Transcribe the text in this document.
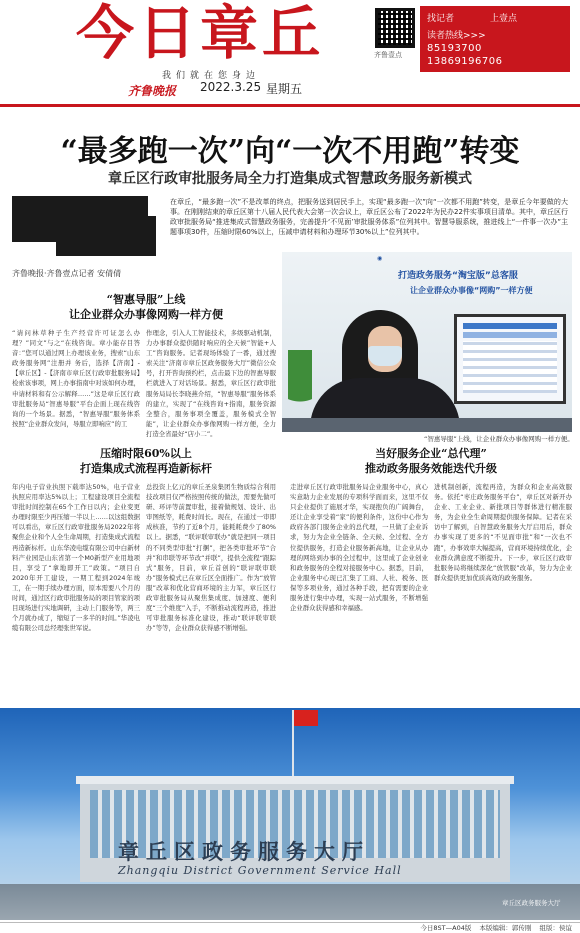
今日章丘
我们就在您身边
齐鲁晚报 2022.3.25 星期五
齐鲁壹点
找记者	上壹点
读者热线>>>
85193700
13869196706
“最多跑一次”向“一次不用跑”转变
章丘区行政审批服务局全力打造集成式智慧政务服务新模式
在章丘，“最多跑一次”不是改革的终点，把服务送到居民手上，实现“最多跑一次”向“一次都不用跑”转变，是章丘今年要做的大事。在刚刚结束的章丘区第十八届人民代表大会第一次会议上，章丘区公布了2022年为民办22件实事项目清单。其中，章丘区行政审批服务局“推进集成式智慧政务服务，完善提升‘不见面’审批服务体系”位列其中。智慧导服系统，推进线上“一件事一次办”主题事项30件，压缩时限60%以上，压减申请材料和办理环节30%以上”位列其中。
齐鲁晚报·齐鲁壹点记者 安倩倩
“智惠导服”上线
让企业群众办事像网购一样方便
“请问林草种子生产经营许可证怎么办理？”同文”与之“在线咨询。章小能存目答音：”您可以通过网上办理该业务，搜索“山东政务服务网”注册并 务后，选择【济南】-【章丘区】-【济南市章丘区行政审批服务局】检索该事项，网上办事指南中对该如何办理，申请材料和有公示解释……”这是章丘区行政审批服务局“智惠导服”平台企面上现在线咨询的一个场景。据悉，“智惠导服”服务体系按照“企业群众发问，导服立即响应”的工
作理念，引入人工智能技术，多级驱动机制，力办事群众提供随时响应的全天候”智能+人工”咨询服务。记者现场体验了一番，通过搜索关注“济南市章丘区政务服务大厅”微信公众号，打开咨询预约栏，点击最下边的智惠导服栏就进入了对话场景。据悉，章丘区行政审批服务局局长李晓燕介绍，“智惠导服”服务体系的建立，实现了“在线咨询+指南，服务资源全整合，服务事项全覆盖，服务模式全智能”，让企业群众办事像网购一样方便，全力打造全省最好“店小二”。
◉
打造政务服务“淘宝版”总客服
让企业群众办事像“网购”一样方便
“智惠导服”上线，让企业群众办事像网购一样方便。
压缩时限60%以上
打造集成式流程再造新标杆
年内电子营业执照下载率达50%，电子营业执照应用率达5%以上；工程建设项目全流程审批时间控制在65个工作日以内；企业变更办理时限至少再压缩一半以上……以这组数据可以看出，章丘区行政审批服务局2022年将聚焦企业和个人全生命周期，打造集成式流程再造新标杆。山东华凌电缆有限公司中白新材料产业园是山东省第一个M0新型产业用地项目，享受了“拿地即开工”政策。“项目自2020年开工建设，一期工程到2024年竣工，在一期手续办理方面，原本需要八个月的时间，通过区行政审批服务局的项目管家的项目现场进行实地调研，主动上门服务等，两三个月就办成了，缩短了一多半的时间。”华凌电缆有限公司总经理张世军说。
总投资上亿元的章丘圣泉集团生物质综合利用技改项目仅严格按照传统的做法，需要先做可研、环评等前置审批，接着做规划、设计、出审图纸等，耗费时间长。现在，在通过一审即成核准，节约了近8个月，能耗耗费少了80%以上。据悉，“联评联审联办”就是把同一项目的不同类型审批“打捆”，把各类审批环节“合并”和串联等环节改“并联”，提供全流程“跟踪式”服务，目前，章丘首创的“联评联审联办”服务模式已在章丘区全面推广。作为“放管服”改革和优化营商环境的主力军，章丘区行政审批服务局从聚焦集成度、加速度、便利度“三个维度”入手，不断推动流程再造，推进可审批服务标准化建设，推动“联评联审联办”等等，企业群众获得感不断增强。
当好服务企业“总代理”
推动政务服务效能迭代升级
走进章丘区行政审批服务局企业服务中心，真心实意助力企业发展的专项科学面而来，这里不仅只企业提供了施展才华，实现抱负的广阔舞台，还让企业享受着“家”的便利条件，这份中心作为政府各部门服务企业的总代理，一旦做了企业诉求，努力为企业全链条、全天候、全过程、全方位提供服务，打造企业服务新高地，让企业从办理的网络到办事的全过程中，这里成了企业创业和政务服务的全程对接服务中心。据悉，目前，企业服务中心现已汇集了工商、人社、税务、医保等多项业务，通过各种手段，把有需要的企业服务进行集中办理，实现一站式服务，不断增强企业群众获得感和幸福感。
进机制创新，流程再造，为群众和企业高效服务。依托“枣庄政务服务平台”，章丘区对新开办企业、工业企业、新批项目等群体进行精准服务，为企业全生命周期提供服务保障。记者在采访中了解到，自智慧政务服务大厅启用后，群众办事实现了更多的“不见面审批”和“一次也不跑”，办事效率大幅提高，营商环境持续优化，企业群众满意度不断提升。下一步，章丘区行政审批服务局将继续深化“放管服”改革，努力为企业群众提供更加优质高效的政务服务。
章丘区政务服务大厅
Zhangqiu District Government Service Hall
章丘区政务服务大厅
今日8ST—A04版 本版编辑：郭传刚 组版：侯谊
